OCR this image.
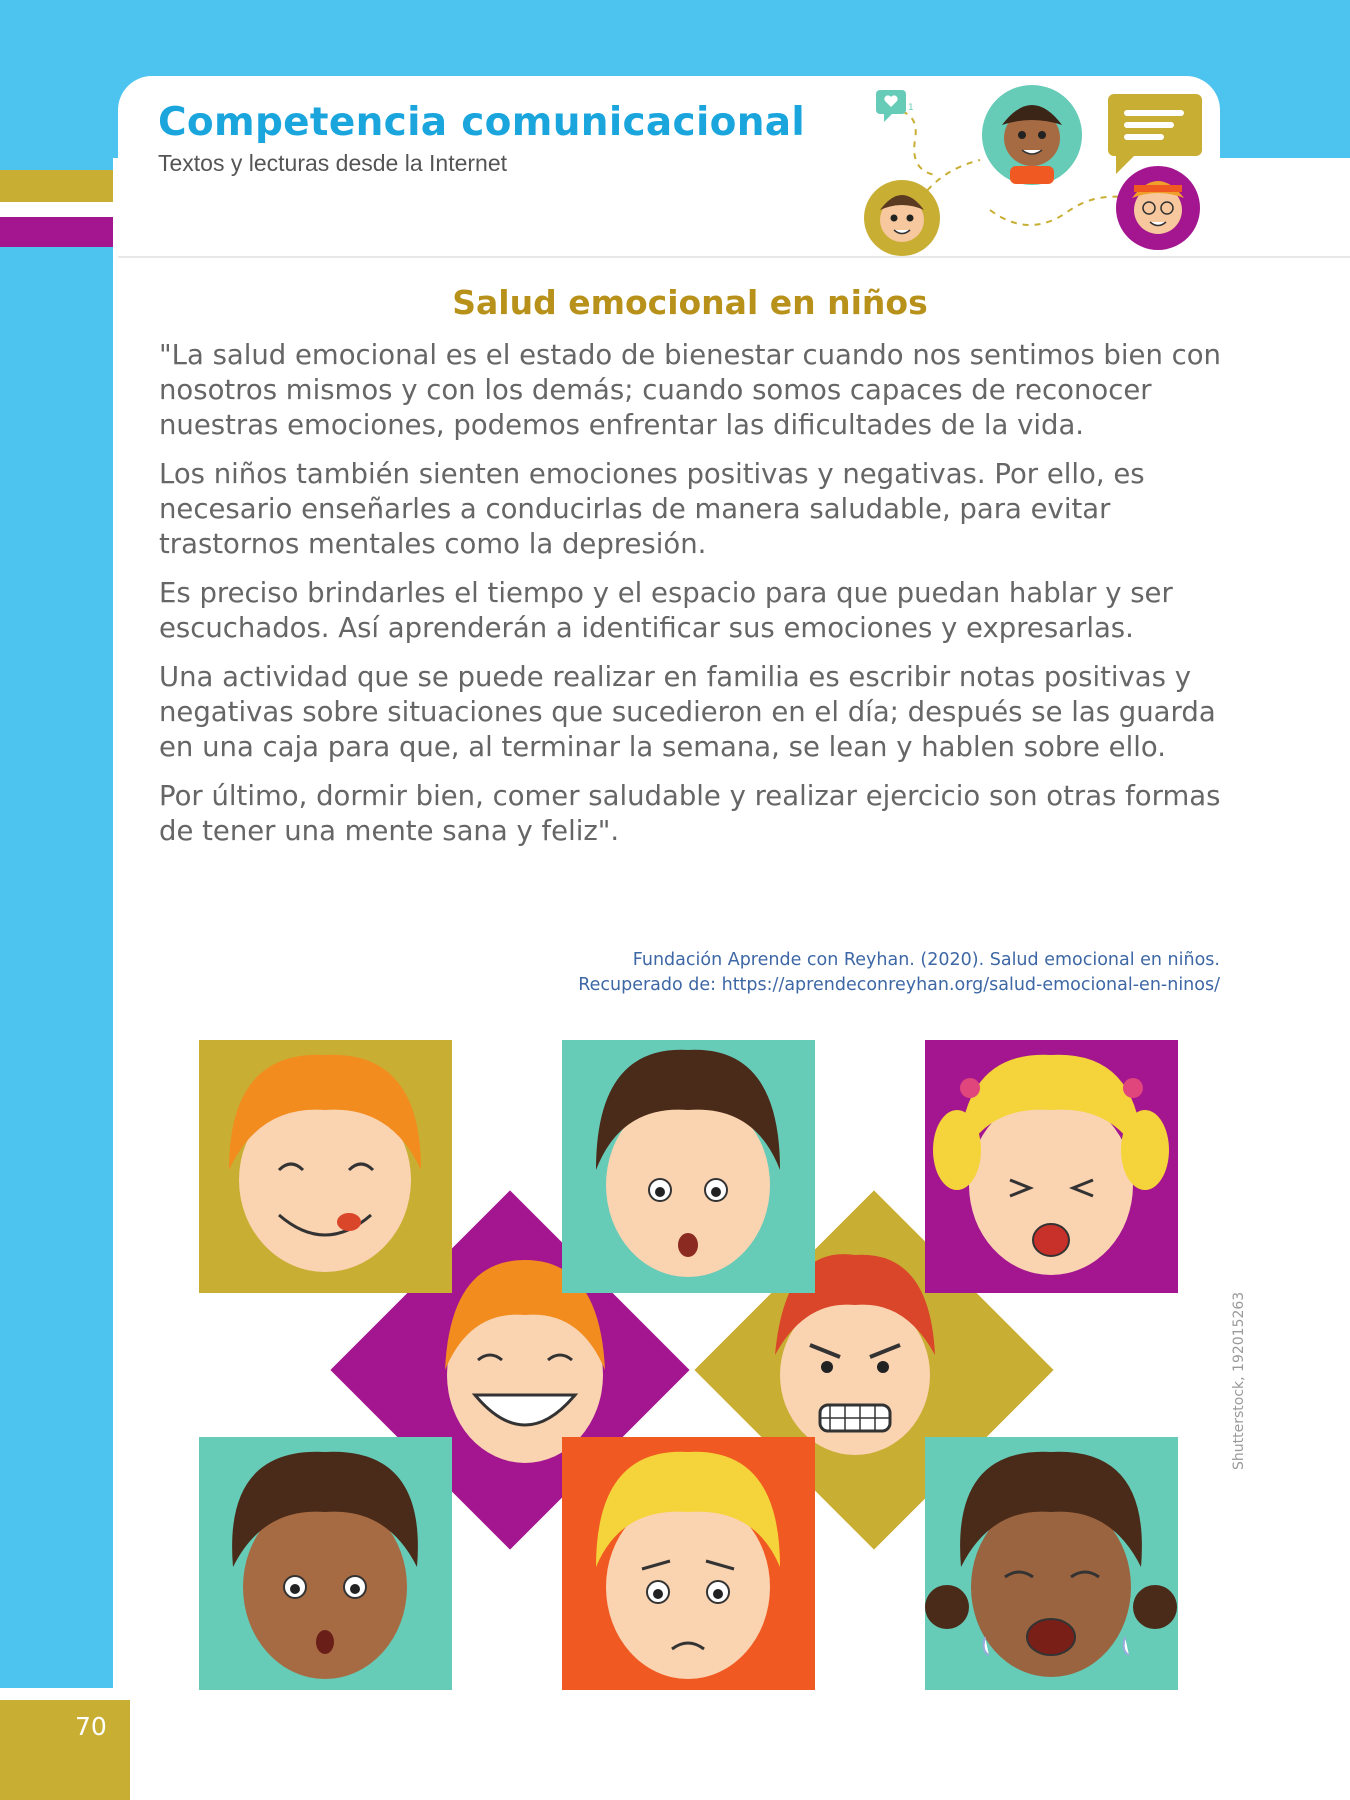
Competencia comunicacional

Textos y lecturas desde la Internet

1
Salud emocional en niños

"La salud emocional es el estado de bienestar cuando nos sentimos bien con nosotros mismos y con los demás; cuando somos capaces de reconocer nuestras emociones, podemos enfrentar las dificultades de la vida.

Los niños también sienten emociones positivas y negativas. Por ello, es necesario enseñarles a conducirlas de manera saludable, para evitar trastornos mentales como la depresión.

Es preciso brindarles el tiempo y el espacio para que puedan hablar y ser escuchados. Así aprenderán a identificar sus emociones y expresarlas.

Una actividad que se puede realizar en familia es escribir notas positivas y negativas sobre situaciones que sucedieron en el día; después se las guarda en una caja para que, al terminar la semana, se lean y hablen sobre ello.

Por último, dormir bien, comer saludable y realizar ejercicio son otras formas de tener una mente sana y feliz".

Fundación Aprende con Reyhan. (2020). Salud emocional en niños.
Recuperado de: https://aprendeconreyhan.org/salud-emocional-en-ninos/
Shutterstock, 192015263
70
